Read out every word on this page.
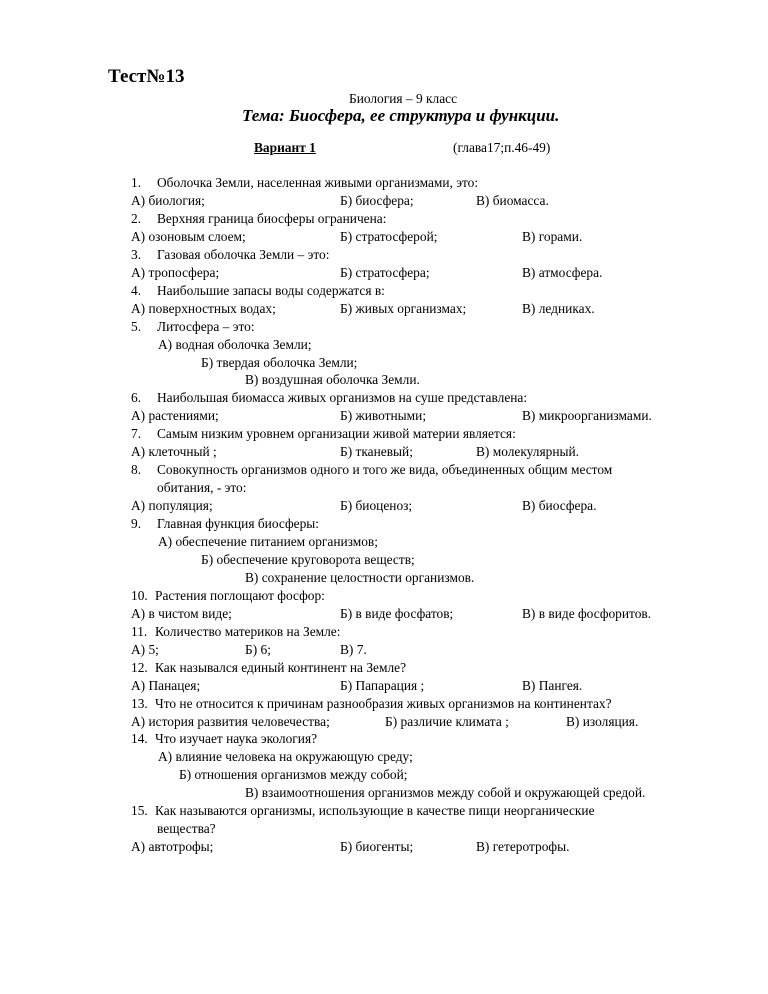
Тест№13
Биология – 9 класс
Тема: Биосфера, ее структура и функции.
Вариант 1	(глава17;п.46-49)
1. Оболочка Земли, населенная живыми организмами, это:
А) биология;	Б) биосфера;	В) биомасса.
2. Верхняя граница биосферы ограничена:
А) озоновым слоем;	Б) стратосферой;	В) горами.
3. Газовая оболочка Земли – это:
А) тропосфера;	Б) стратосфера;	В) атмосфера.
4. Наибольшие запасы воды содержатся в:
А) поверхностных водах;	Б) живых организмах;	В) ледниках.
5. Литосфера – это:
А) водная оболочка Земли;
Б) твердая оболочка Земли;
В) воздушная оболочка Земли.
6. Наибольшая биомасса живых организмов на суше представлена:
А) растениями;	Б) животными;	В) микроорганизмами.
7. Самым низким уровнем организации живой материи является:
А) клеточный ;	Б) тканевый;	В) молекулярный.
8. Совокупность организмов одного и того же вида, объединенных общим местом
обитания, - это:
А) популяция;	Б) биоценоз;	В) биосфера.
9. Главная функция биосферы:
А) обеспечение питанием организмов;
Б) обеспечение круговорота веществ;
В) сохранение целостности организмов.
10. Растения поглощают фосфор:
А) в чистом виде;	Б) в виде фосфатов;	В) в виде фосфоритов.
11. Количество материков на Земле:
А) 5;	Б) 6;	В) 7.
12. Как назывался единый континент на Земле?
А) Панацея;	Б) Папарация ;	В) Пангея.
13. Что не относится к причинам разнообразия живых организмов на континентах?
А) история развития человечества;	Б) различие климата ;	В) изоляция.
14. Что изучает наука экология?
А) влияние человека на окружающую среду;
Б) отношения организмов между собой;
В) взаимоотношения организмов между собой и окружающей средой.
15. Как называются организмы, использующие в качестве пищи неорганические
вещества?
А) автотрофы;	Б) биогенты;	В) гетеротрофы.
